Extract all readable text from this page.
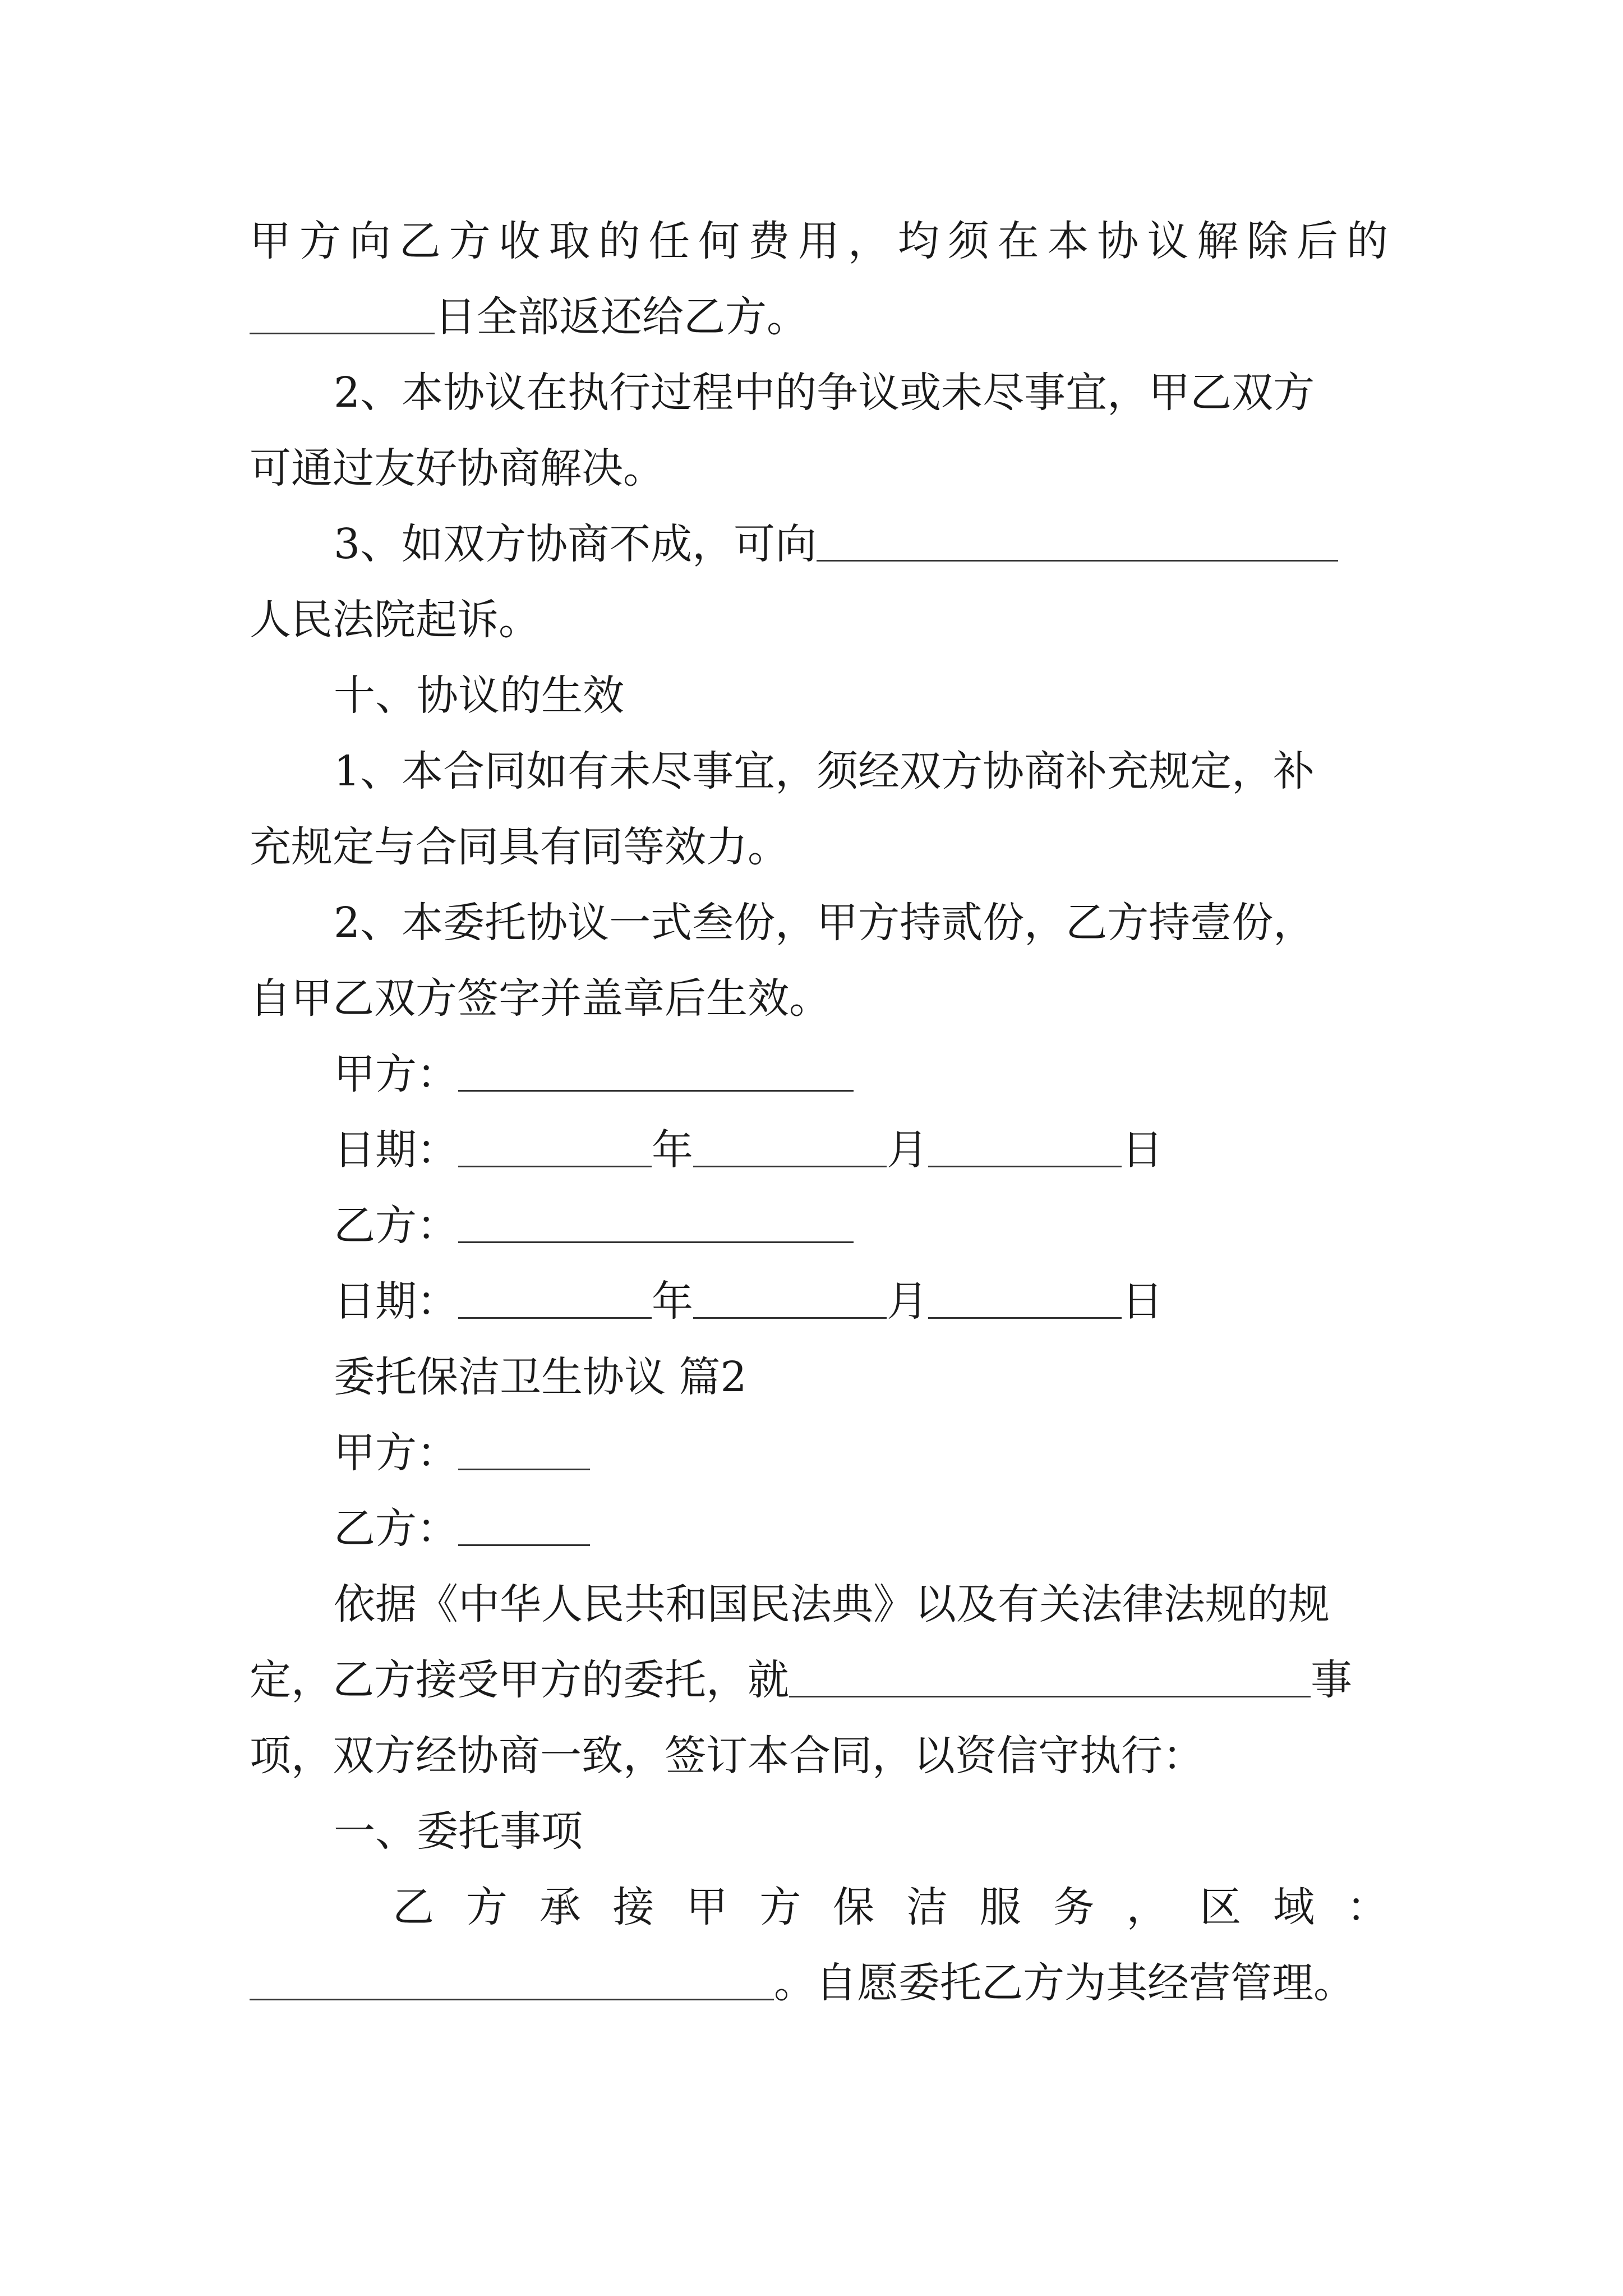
甲 方 向 乙 方 收 取 的 任 何 费 用 ， 均 须 在 本 协 议 解 除 后 的
日全部返还给乙方。
2、本协议在执行过程中的争议或未尽事宜，甲乙双方
可通过友好协商解决。
3、如双方协商不成，可向
人民法院起诉。
十、协议的生效
1、本合同如有未尽事宜，须经双方协商补充规定，补
充规定与合同具有同等效力。
2、本委托协议一式叁份，甲方持贰份，乙方持壹份，
自甲乙双方签字并盖章后生效。
甲方：
日期：	年	月	日
乙方：
日期：	年	月	日
委托保洁卫生协议 篇2
甲方：
乙方：
依据《中华人民共和国民法典》以及有关法律法规的规
定，乙方接受甲方的委托，就	事
项，双方经协商一致，签订本合同，以资信守执行：
一、委托事项
乙 方 承 接 甲 方 保 洁 服 务 ， 区 域 ：
。自愿委托乙方为其经营管理。
